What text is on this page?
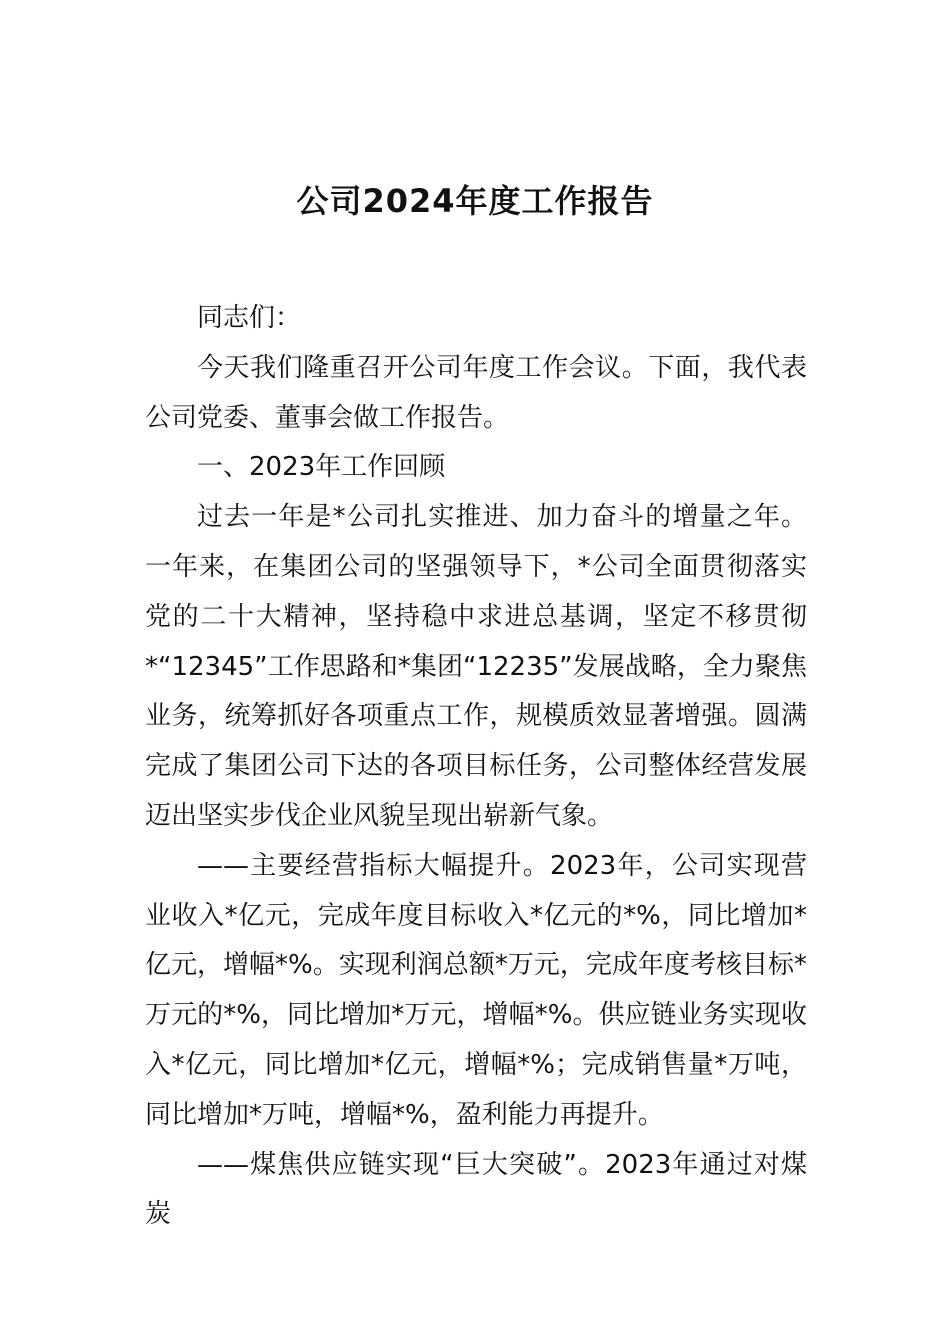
公司2024年度工作报告

同志们：

今天我们隆重召开公司年度工作会议。下面，我代表公司党委、董事会做工作报告。

一、2023年工作回顾

过去一年是*公司扎实推进、加力奋斗的增量之年。一年来，在集团公司的坚强领导下，*公司全面贯彻落实党的二十大精神，坚持稳中求进总基调，坚定不移贯彻*“12345”工作思路和*集团“12235”发展战略，全力聚焦业务，统筹抓好各项重点工作，规模质效显著增强。圆满完成了集团公司下达的各项目标任务，公司整体经营发展迈出坚实步伐企业风貌呈现出崭新气象。

——主要经营指标大幅提升。2023年，公司实现营业收入*亿元，完成年度目标收入*亿元的*%，同比增加*亿元，增幅*%。实现利润总额*万元，完成年度考核目标*万元的*%，同比增加*万元，增幅*%。供应链业务实现收入*亿元，同比增加*亿元，增幅*%；完成销售量*万吨，同比增加*万吨，增幅*%，盈利能力再提升。

——煤焦供应链实现“巨大突破”。2023年通过对煤炭
